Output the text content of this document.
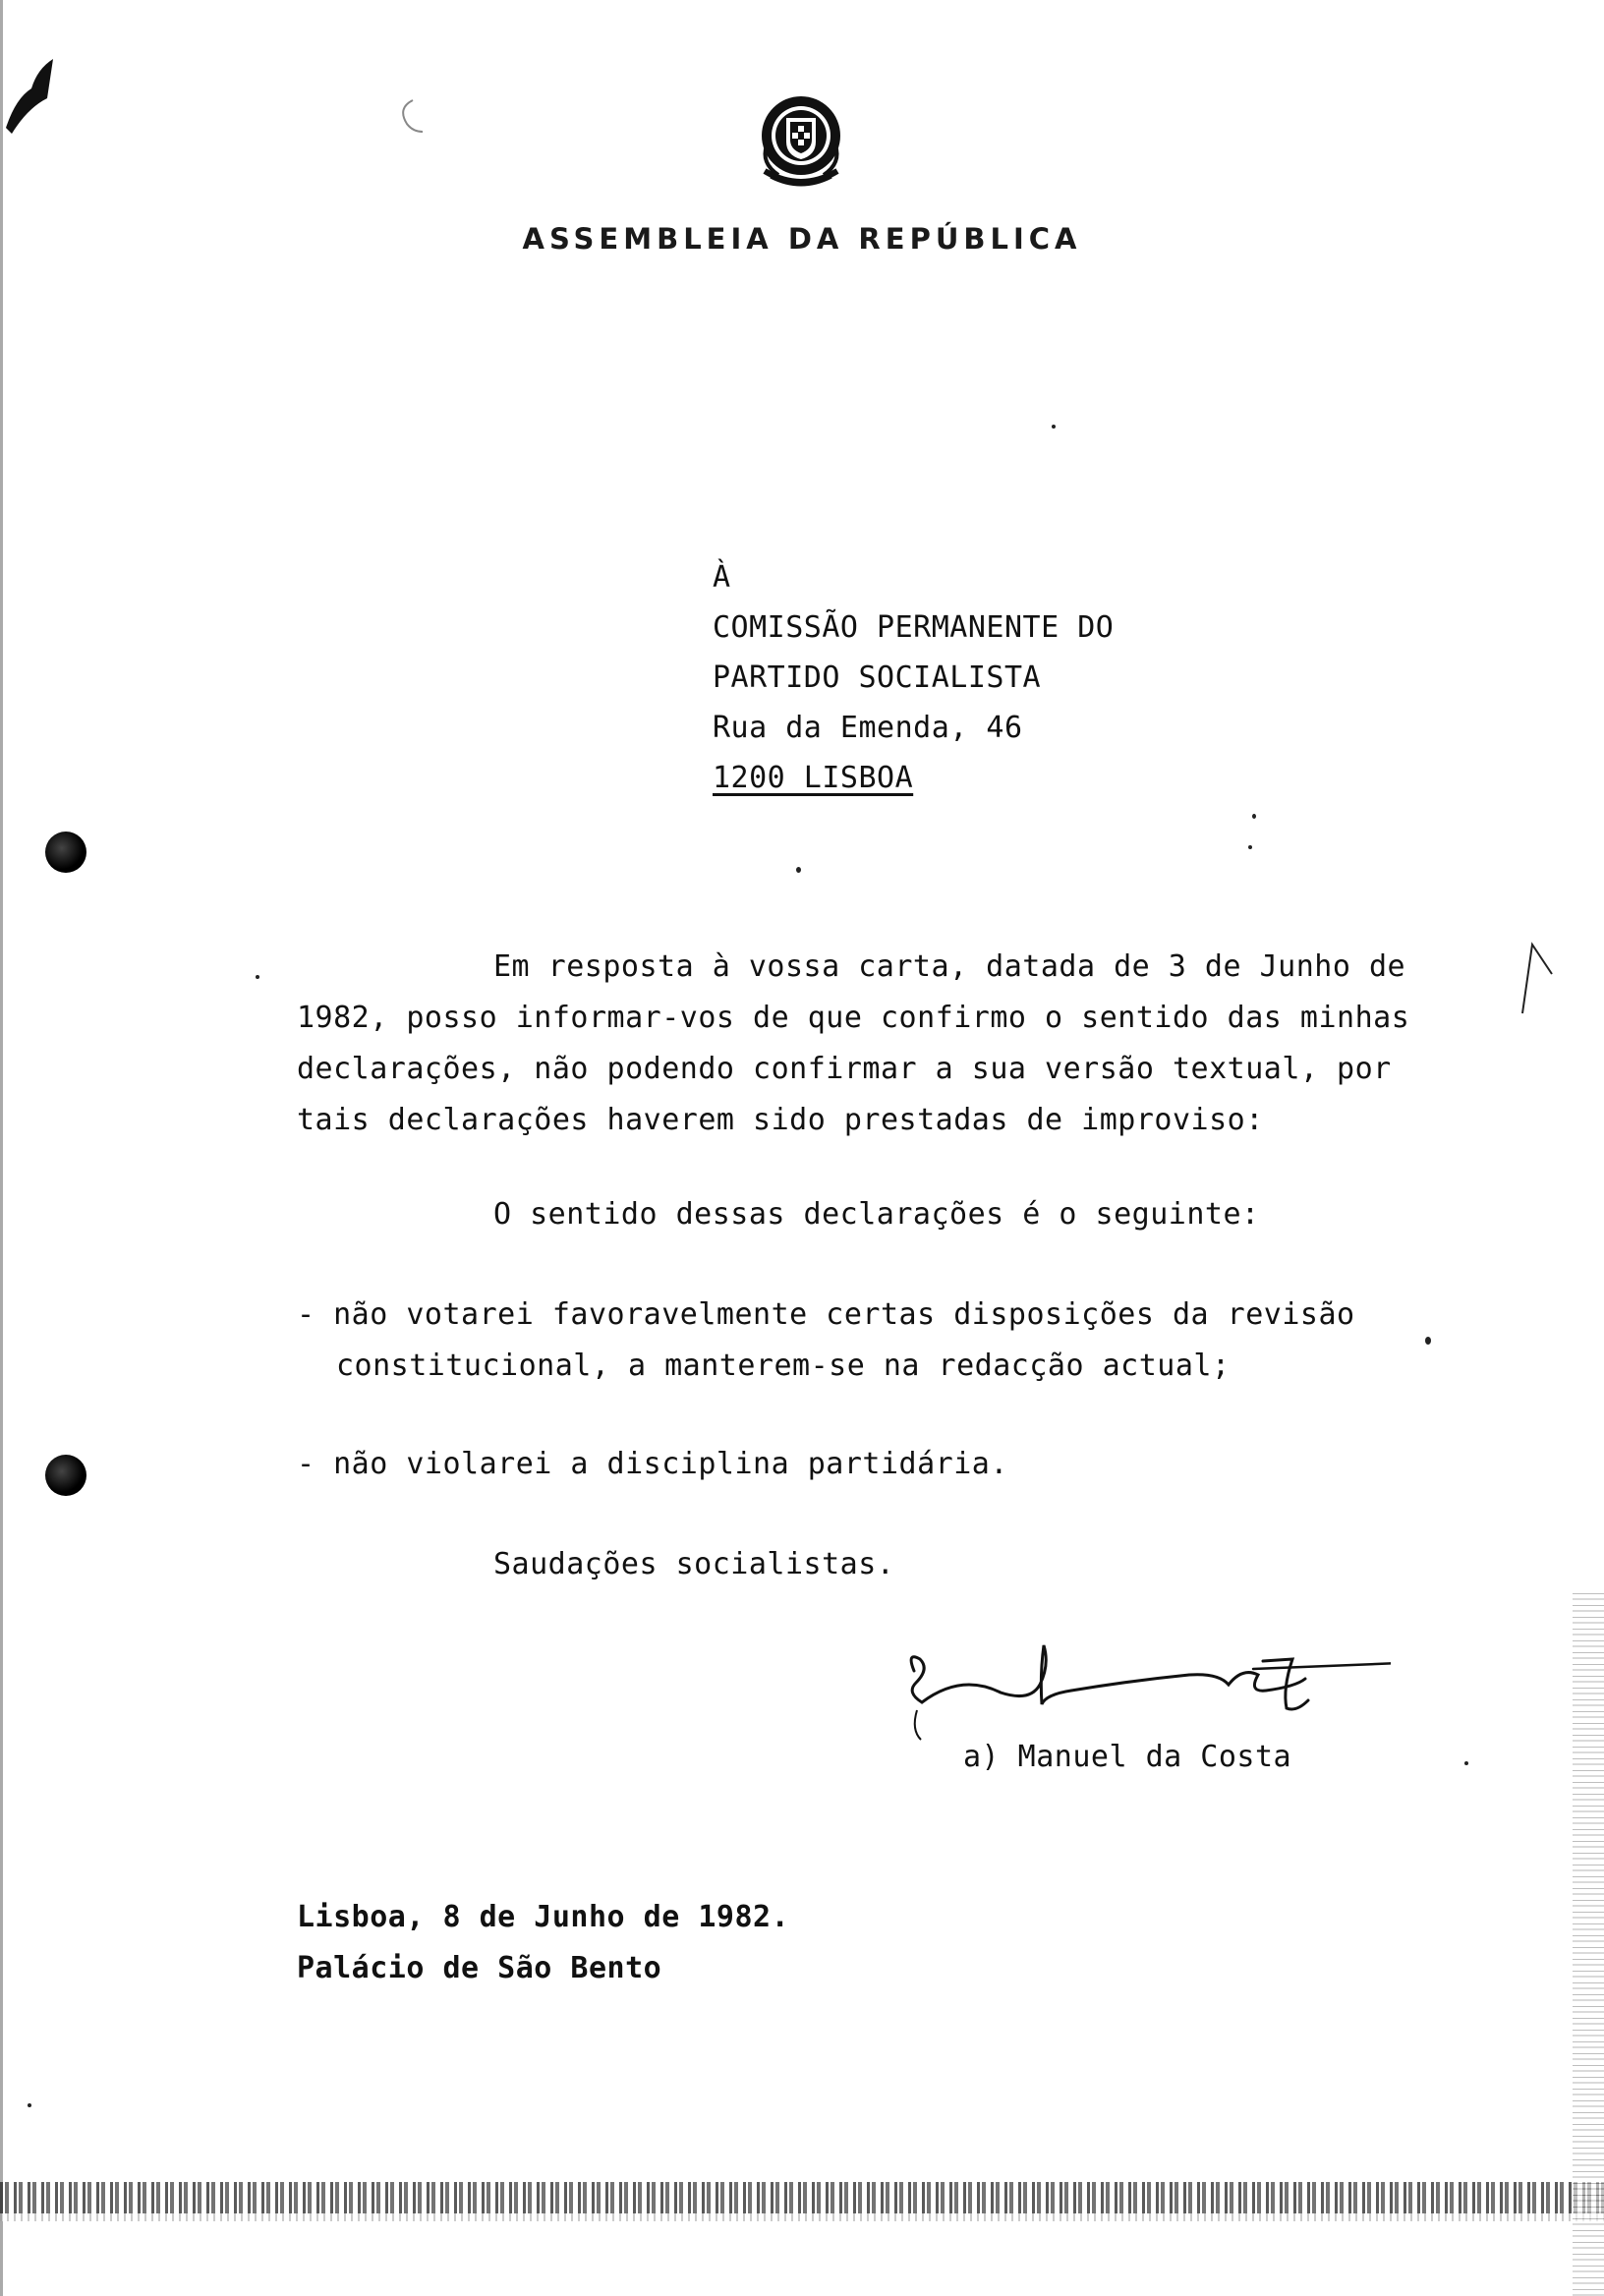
ASSEMBLEIA DA REPÚBLICA
À
COMISSÃO PERMANENTE DO
PARTIDO SOCIALISTA
Rua da Emenda, 46
1200 LISBOA
Em resposta à vossa carta, datada de 3 de Junho de
1982, posso informar-vos de que confirmo o sentido das minhas
declarações, não podendo confirmar a sua versão textual, por
tais declarações haverem sido prestadas de improviso:
O sentido dessas declarações é o seguinte:
- não votarei favoravelmente certas disposições da revisão
constitucional, a manterem-se na redacção actual;
- não violarei a disciplina partidária.
Saudações socialistas.
a) Manuel da Costa
Lisboa, 8 de Junho de 1982.
Palácio de São Bento
